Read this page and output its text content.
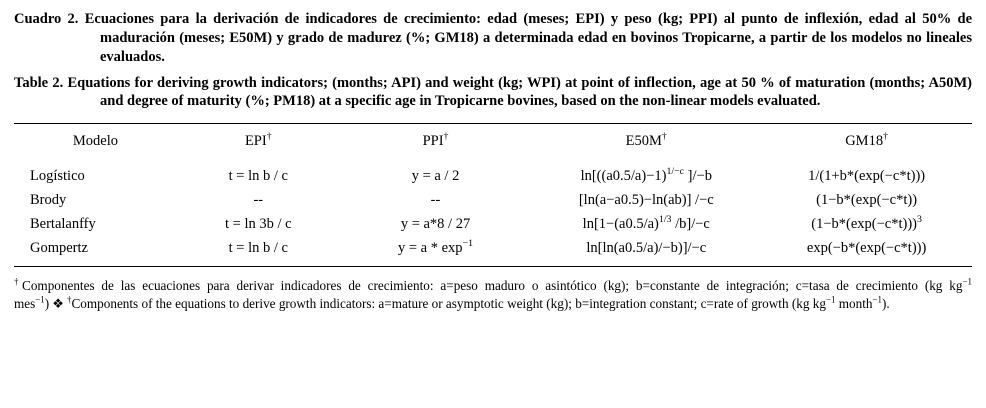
Cuadro 2. Ecuaciones para la derivación de indicadores de crecimiento: edad (meses; EPI) y peso (kg; PPI) al punto de inflexión, edad al 50% de maduración (meses; E50M) y grado de madurez (%; GM18) a determinada edad en bovinos Tropicarne, a partir de los modelos no lineales evaluados.
Table 2. Equations for deriving growth indicators; (months; API) and weight (kg; WPI) at point of inflection, age at 50 % of maturation (months; A50M) and degree of maturity (%; PM18) at a specific age in Tropicarne bovines, based on the non-linear models evaluated.
Modelo	EPI†	PPI†	E50M†	GM18†
Logístico	t = ln b / c	y = a / 2	$\ln[((a0.5/a)-1)^{1/-c}$ ]/−b	1/(1+b*(exp(−c*t)))
Brody	--	--	[ln(a−a0.5)−ln(ab)] /−c	(1−b*(exp(−c*t))
Bertalanffy	t = ln 3b / c	y = a*8 / 27	$\ln[1-(a0.5/a)^{1/3}$ /b]/−c	$(1-b*(\exp(-c*t)))^3$
Gompertz	t = ln b / c	$y = a * \exp^{-1}$	ln[ln(a0.5/a)/−b)]/−c	exp(−b*(exp(−c*t)))
†Componentes de las ecuaciones para derivar indicadores de crecimiento: a=peso maduro o asintótico (kg); b=constante de integración; c=tasa de crecimiento (kg $kg^{-1}$ mes$^{-1}$) ❖ †Components of the equations to derive growth indicators: a=mature or asymptotic weight (kg); b=integration constant; c=rate of growth (kg $kg^{-1}$ month$^{-1}$).
